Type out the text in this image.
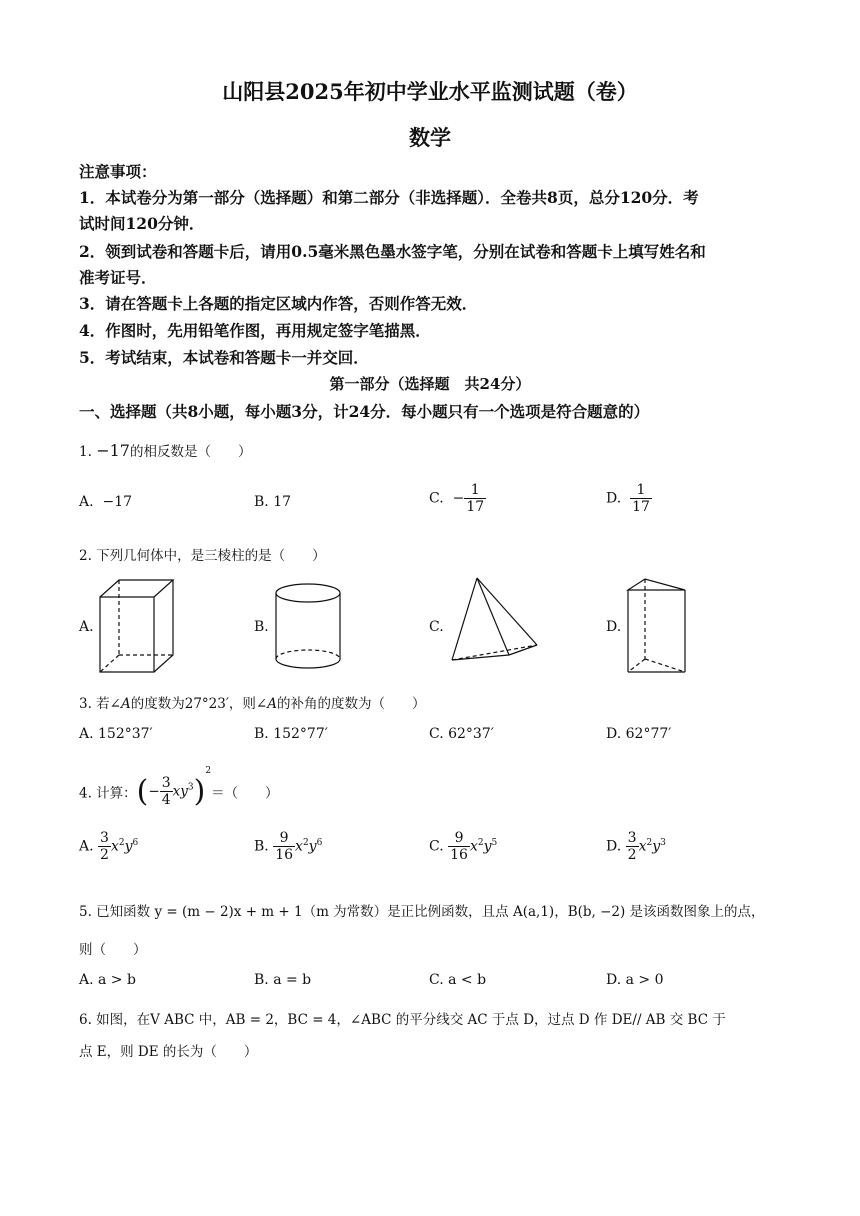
山阳县2025年初中学业水平监测试题（卷）
数学
注意事项：
1．本试卷分为第一部分（选择题）和第二部分（非选择题）．全卷共8页，总分120分．考
试时间120分钟．
2．领到试卷和答题卡后，请用0.5毫米黑色墨水签字笔，分别在试卷和答题卡上填写姓名和
准考证号．
3．请在答题卡上各题的指定区域内作答，否则作答无效．
4．作图时，先用铅笔作图，再用规定签字笔描黑．
5．考试结束，本试卷和答题卡一并交回．
第一部分（选择题　共24分）
一、选择题（共8小题，每小题3分，计24分．每小题只有一个选项是符合题意的）
1. −17的相反数是（　　）
A. −17	B. 17	C. − $\frac{1}{17}$	D. $\frac{1}{17}$
2. 下列几何体中，是三棱柱的是（　　）
A.	B.	C.	D.
3. 若∠A的度数为27°23′，则∠A的补角的度数为（　　）
A. 152°37′	B. 152°77′	C. 62°37′	D. 62°77′
4. 计算：(− $\frac{3}{4} xy^3)^2=$（　　）
A. $\frac{3}{2} x^2y^6$	B. $\frac{9}{16} x^2y^6$	C. $\frac{9}{16} x^2y^5$	D. $\frac{3}{2} x^2y^3$
5. 已知函数 y = (m − 2)x + m + 1（m 为常数）是正比例函数，且点 A(a,1)，B(b, −2) 是该函数图象上的点，
则（　　）
A. a > b	B. a = b	C. a < b	D. a > 0
6. 如图，在V ABC 中，AB = 2，BC = 4，∠ABC 的平分线交 AC 于点 D，过点 D 作 DE// AB 交 BC 于
点 E，则 DE 的长为（　　）
